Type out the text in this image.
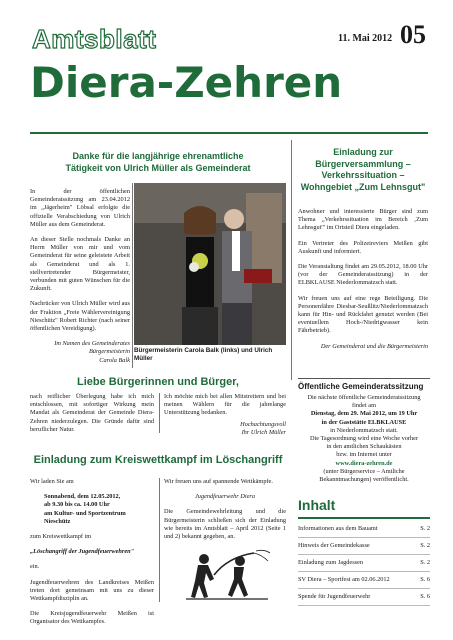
Amtsblatt
Diera-Zehren
11. Mai 2012 05
Danke für die langjährige ehrenamtliche
Tätigkeit von Ulrich Müller als Gemeinderat

In der öffentlichen Gemeinderatssitzung am 23.04.2012 im „Jägerheim" Löbsal erfolgte die offizielle Verabschiedung von Ulrich Müller aus dem Gemeinderat.

An dieser Stelle nochmals Danke an Herrn Müller von mir und vom Gemeinderat für seine geleistete Arbeit als Gemeinderat und als 1. stellvertretender Bürgermeister, verbunden mit guten Wünschen für die Zukunft.

Nachrücker von Ulrich Müller wird aus der Fraktion „Freie Wählervereinigung Nieschütz" Robert Richter (nach seiner öffentlichen Vereidigung).

Im Namen des Gemeinderates
Bürgermeisterin
Carola Balk
Bürgermeisterin Carola Balk (links) und Ulrich Müller
Liebe Bürgerinnen und Bürger,
nach reiflicher Überlegung habe ich mich entschlossen, mit sofortiger Wirkung mein Mandat als Gemeinderat der Gemeinde Diera-Zehren niederzulegen. Die Gründe dafür sind beruflicher Natur.

Ich möchte mich bei allen Mitstreitern und bei meinen Wählern für die jahrelange Unterstützung bedanken.

Hochachtungsvoll
Ihr Ulrich Müller
Einladung zum Kreiswettkampf im Löschangriff

Wir laden Sie am

Sonnabend, dem 12.05.2012,
ab 9.30 bis ca. 14.00 Uhr
am Kultur- und Sportzentrum
Nieschütz

zum Kreiswettkampf im

„Löschangriff der Jugendfeuerwehren"

ein.

Jugendfeuerwehren des Landkreises Meißen treten dort gemeinsam mit uns zu dieser Wettkampfdisziplin an.

Die Kreisjugendfeuerwehr Meißen ist Organisator des Wettkampfes.

Wir freuen uns auf spannende Wettkämpfe.

Jugendfeuerwehr Diera

Die Gemeindewehrleitung und die Bürgermeisterin schließen sich der Einladung wie bereits im Amtsblatt – April 2012 (Seite 1 und 2) bekannt gegeben, an.

Einladung zur
Bürgerversammlung –
Verkehrssituation –
Wohngebiet „Zum Lehnsgut"

Anwohner und interessierte Bürger sind zum Thema „Verkehrssituation im Bereich ‚Zum Lehnsgut'" im Ortsteil Diera eingeladen.

Ein Vertreter des Polizeireviers Meißen gibt Auskunft und informiert.

Die Veranstaltung findet am 29.05.2012, 18.00 Uhr (vor der Gemeinderatssitzung) in der ELBKLAUSE Niederlommatzsch statt.

Wir freuen uns auf eine rege Beteiligung. Die Personenfähre Diesbar-Seußlitz/Niederlommatzsch kann für Hin- und Rückfahrt genutzt werden (Bei eventuellem Hoch-/Niedrigwasser kein Fährbetrieb).

Der Gemeinderat und die Bürgermeisterin

Öffentliche Gemeinderatssitzung
Die nächste öffentliche Gemeinderatssitzung
findet am
Dienstag, dem 29. Mai 2012, um 19 Uhr
in der Gaststätte ELBKLAUSE
in Niederlommatzsch statt.
Die Tagesordnung wird eine Woche vorher
in den amtlichen Schaukästen
bzw. im Internet unter
www.diera-zehren.de
(unter Bürgerservice – Amtliche
Bekanntmachungen) veröffentlicht.
Inhalt
Informationen aus dem Bauamt	S. 2
Hinweis der Gemeindekasse	S. 2
Einladung zum Jagdessen	S. 2
SV Diera – Sportfest am 02.06.2012	S. 6
Spende für Jugendfeuerwehr	S. 6
